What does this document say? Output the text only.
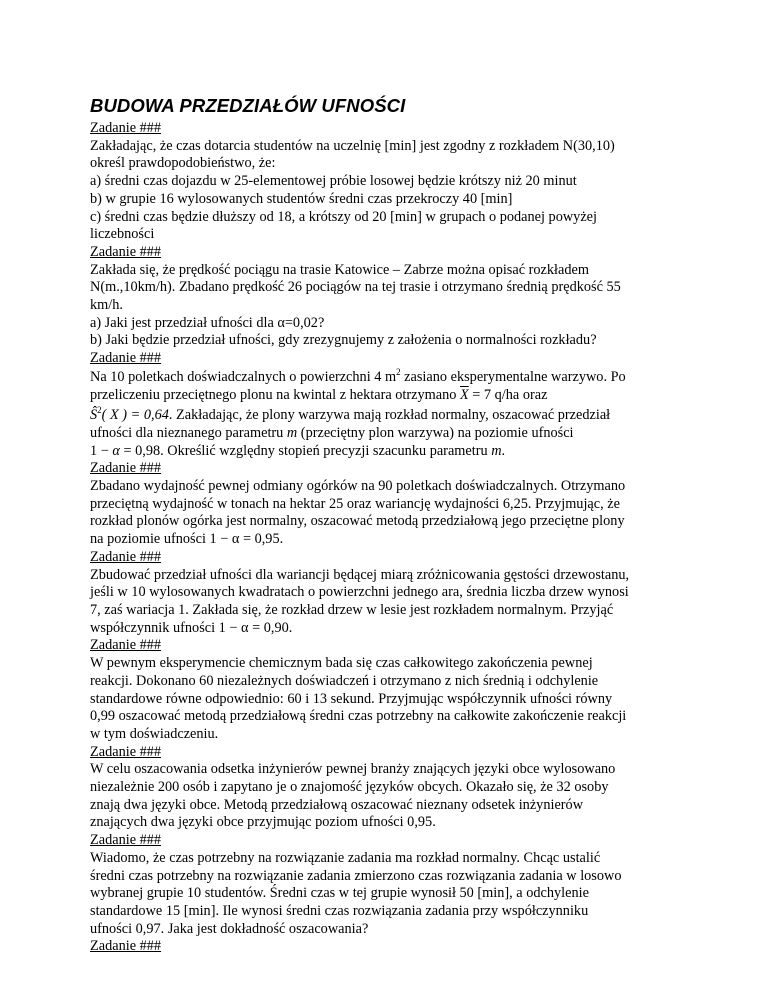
BUDOWA PRZEDZIAŁÓW UFNOŚCI
Zadanie ###
Zakładając, że czas dotarcia studentów na uczelnię [min] jest zgodny z rozkładem N(30,10)
określ prawdopodobieństwo, że:
a) średni czas dojazdu w 25-elementowej próbie losowej będzie krótszy niż 20 minut
b) w grupie 16 wylosowanych studentów średni czas przekroczy 40 [min]
c) średni czas będzie dłuższy od 18, a krótszy od 20 [min] w grupach o podanej powyżej
liczebności
Zadanie ###
Zakłada się, że prędkość pociągu na trasie Katowice – Zabrze można opisać rozkładem
N(m.,10km/h). Zbadano prędkość 26 pociągów na tej trasie i otrzymano średnią prędkość 55
km/h.
a) Jaki jest przedział ufności dla α=0,02?
b) Jaki będzie przedział ufności, gdy zrezygnujemy z założenia o normalności rozkładu?
Zadanie ###
Na 10 poletkach doświadczalnych o powierzchni 4 $m^2$ zasiano eksperymentalne warzywo. Po
przeliczeniu przeciętnego plonu na kwintal z hektara otrzymano $\overline{X} = 7$ q/ha oraz
$Ŝ^2$( X ) = 0,64. Zakładając, że plony warzywa mają rozkład normalny, oszacować przedział
ufności dla nieznanego parametru m (przeciętny plon warzywa) na poziomie ufności
1 − α = 0,98. Określić względny stopień precyzji szacunku parametru m.
Zadanie ###
Zbadano wydajność pewnej odmiany ogórków na 90 poletkach doświadczalnych. Otrzymano
przeciętną wydajność w tonach na hektar 25 oraz wariancję wydajności 6,25. Przyjmując, że
rozkład plonów ogórka jest normalny, oszacować metodą przedziałową jego przeciętne plony
na poziomie ufności 1 − α = 0,95.
Zadanie ###
Zbudować przedział ufności dla wariancji będącej miarą zróżnicowania gęstości drzewostanu,
jeśli w 10 wylosowanych kwadratach o powierzchni jednego ara, średnia liczba drzew wynosi
7, zaś wariacja 1. Zakłada się, że rozkład drzew w lesie jest rozkładem normalnym. Przyjąć
współczynnik ufności 1 − α = 0,90.
Zadanie ###
W pewnym eksperymencie chemicznym bada się czas całkowitego zakończenia pewnej
reakcji. Dokonano 60 niezależnych doświadczeń i otrzymano z nich średnią i odchylenie
standardowe równe odpowiednio: 60 i 13 sekund. Przyjmując współczynnik ufności równy
0,99 oszacować metodą przedziałową średni czas potrzebny na całkowite zakończenie reakcji
w tym doświadczeniu.
Zadanie ###
W celu oszacowania odsetka inżynierów pewnej branży znających języki obce wylosowano
niezależnie 200 osób i zapytano je o znajomość języków obcych. Okazało się, że 32 osoby
znają dwa języki obce. Metodą przedziałową oszacować nieznany odsetek inżynierów
znających dwa języki obce przyjmując poziom ufności 0,95.
Zadanie ###
Wiadomo, że czas potrzebny na rozwiązanie zadania ma rozkład normalny. Chcąc ustalić
średni czas potrzebny na rozwiązanie zadania zmierzono czas rozwiązania zadania w losowo
wybranej grupie 10 studentów. Średni czas w tej grupie wynosił 50 [min], a odchylenie
standardowe 15 [min]. Ile wynosi średni czas rozwiązania zadania przy współczynniku
ufności 0,97. Jaka jest dokładność oszacowania?
Zadanie ###
